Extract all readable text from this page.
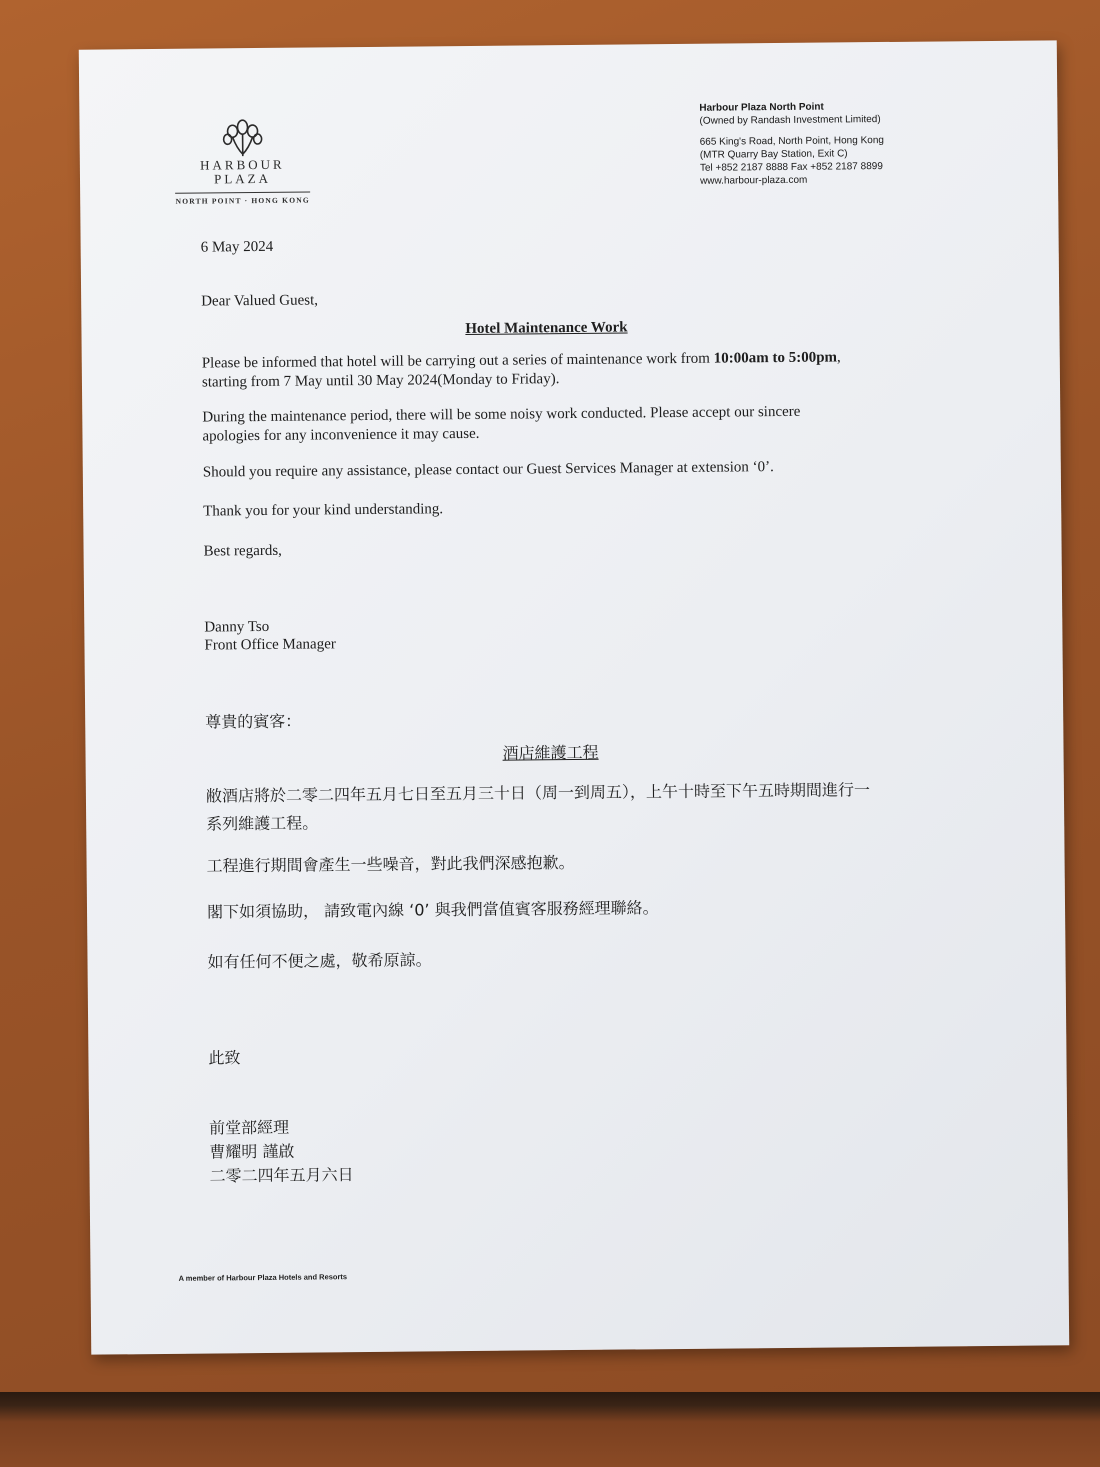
HARBOUR
PLAZA
NORTH POINT · HONG KONG
Harbour Plaza North Point
(Owned by Randash Investment Limited)
665 King's Road, North Point, Hong Kong
(MTR Quarry Bay Station, Exit C)
Tel +852 2187 8888 Fax +852 2187 8899
www.harbour-plaza.com
6 May 2024
Dear Valued Guest,
Hotel Maintenance Work
Please be informed that hotel will be carrying out a series of maintenance work from 10:00am to 5:00pm,
starting from 7 May until 30 May 2024(Monday to Friday).
During the maintenance period, there will be some noisy work conducted. Please accept our sincere
apologies for any inconvenience it may cause.
Should you require any assistance, please contact our Guest Services Manager at extension ‘0’.
Thank you for your kind understanding.
Best regards,
Danny Tso
Front Office Manager
尊貴的賓客：
酒店維護工程
敝酒店將於二零二四年五月七日至五月三十日（周一到周五），上午十時至下午五時期間進行一
系列維護工程。
工程進行期間會產生一些噪音，對此我們深感抱歉。
閣下如須協助， 請致電內線 ‘0’ 與我們當值賓客服務經理聯絡。
如有任何不便之處，敬希原諒。
此致
前堂部經理
曹耀明 謹啟
二零二四年五月六日
A member of Harbour Plaza Hotels and Resorts
